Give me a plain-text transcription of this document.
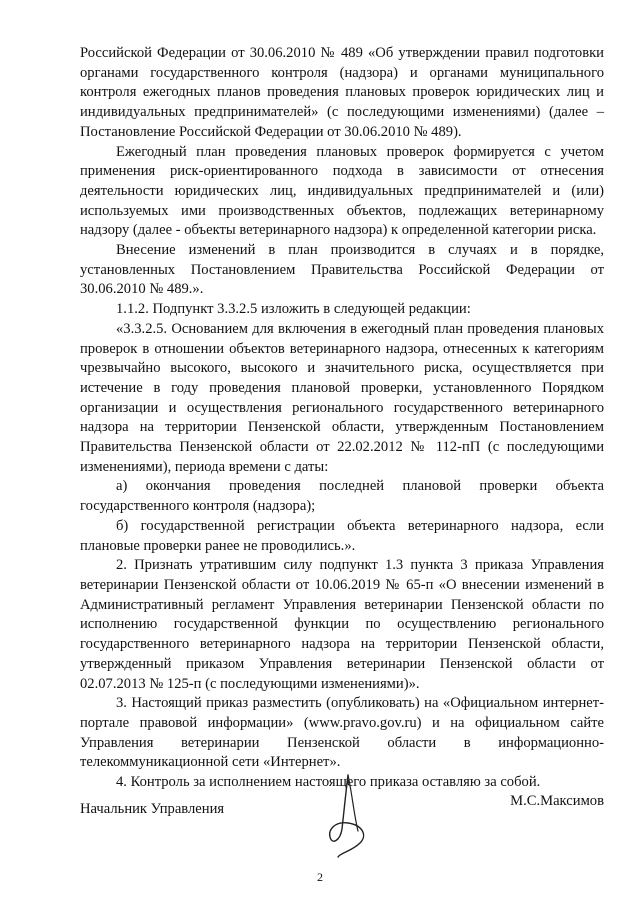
Российской Федерации от 30.06.2010 № 489 «Об утверждении правил подготовки органами государственного контроля (надзора) и органами муниципального контроля ежегодных планов проведения плановых проверок юридических лиц и индивидуальных предпринимателей» (с последующими изменениями) (далее – Постановление Российской Федерации от 30.06.2010 № 489).

Ежегодный план проведения плановых проверок формируется с учетом применения риск-ориентированного подхода в зависимости от отнесения деятельности юридических лиц, индивидуальных предпринимателей и (или) используемых ими производственных объектов, подлежащих ветеринарному надзору (далее - объекты ветеринарного надзора) к определенной категории риска.

Внесение изменений в план производится в случаях и в порядке, установленных Постановлением Правительства Российской Федерации от 30.06.2010 № 489.».

1.1.2. Подпункт 3.3.2.5 изложить в следующей редакции:

«3.3.2.5. Основанием для включения в ежегодный план проведения плановых проверок в отношении объектов ветеринарного надзора, отнесенных к категориям чрезвычайно высокого, высокого и значительного риска, осуществляется при истечение в году проведения плановой проверки, установленного Порядком организации и осуществления регионального государственного ветеринарного надзора на территории Пензенской области, утвержденным Постановлением Правительства Пензенской области от 22.02.2012 № 112-пП (с последующими изменениями), периода времени с даты:

а) окончания проведения последней плановой проверки объекта государственного контроля (надзора);

б) государственной регистрации объекта ветеринарного надзора, если плановые проверки ранее не проводились.».

2. Признать утратившим силу подпункт 1.3 пункта 3 приказа Управления ветеринарии Пензенской области от 10.06.2019 № 65-п «О внесении изменений в Административный регламент Управления ветеринарии Пензенской области по исполнению государственной функции по осуществлению регионального государственного ветеринарного надзора на территории Пензенской области, утвержденный приказом Управления ветеринарии Пензенской области от 02.07.2013 № 125-п (с последующими изменениями)».

3. Настоящий приказ разместить (опубликовать) на «Официальном интернет-портале правовой информации» (www.pravo.gov.ru) и на официальном сайте Управления ветеринарии Пензенской области в информационно-телекоммуникационной сети «Интернет».

4. Контроль за исполнением настоящего приказа оставляю за собой.

Начальник Управления	М.С.Максимов
2
